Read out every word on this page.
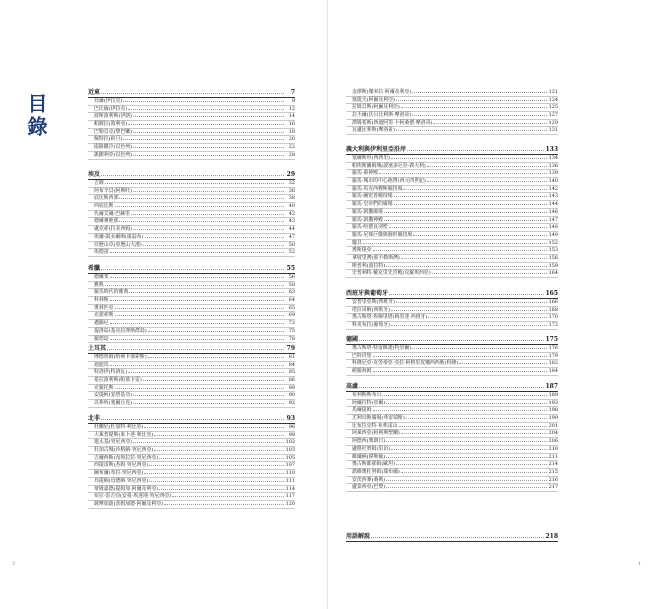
目錄
近東	7
烏爾(伊拉克)	9
巴比倫(伊拉克)	12
波斯波利斯(伊朗)	14
帕薩拉(敘利亞)	16
巴勒貝克(黎巴嫩)	18
佩特拉(約旦)	20
耶路撒冷(以色列)	22
凱撒利亞(以色列)	28
埃及	29
吉薩	32
阿布辛貝(阿斯旺)	36
底比斯西部	38
西底比斯	40
代爾艾爾-巴赫里	42
德爾麥地那	43
盧克索(拉美西姆)	44
埃爾-凱美爾斯(康翁布)	47
亞歷山卓(亞歷山大港)	50
埃德富	52
希臘	55
德爾斐	56
雅典	58
羅馬時代的雅典	63
科林斯	64
奧林匹亞	65
克諾索斯	69
邁錫尼	72
提洛島(基克拉澤斯群島)	75
羅德島	78
土耳其	79
博德魯姆(哈利卡那索斯)	81
迪迪馬	84
特洛伊(特洛瓦)	85
希拉波利斯(帕慕卡雷)	86
克羅托斯	89
安提阿(安塔基亞)	90
以弗所(塞爾丘克)	92
北非	93
杜蘭尼(杜加特·利比亞)	96
大萊普提斯(莱卜達·利比亞)	98
迦太基(突尼西亞)	102
杜加古城(沙格納·突尼西亞)	103
吉爾西斯(布魯拉拉·突尼西亞)	105
西提雷斯(杰姆·突尼西亞)	107
圖布爾(布拉·突尼西亞)	110
烏提納(烏德納·突尼西亞)	111
蒂姆嘉德(提姆加·阿爾及利亞)	114
布拉·雷吉亞(安曼·埃達地·突尼西亞)	117
薩摩加迪(茨姆加德·阿爾及利亞)	120
3
金澤斯(傑米拉·阿爾及利亞)	121
塞提夫(阿爾及利亞)	124
拉姆貝斯(阿爾及利亞)	125
拉丕爾(沃呂比利斯·摩洛哥)	127
澤姆希斯(西迪阿里·卜阿桑德·摩洛哥)	129
瓦盧比利斯(摩洛哥)	131
義大利與伊利里亞沿岸	133
塞爾斯坦(西西里)	134
帕埃斯圖姆城(波塞多尼亞·義大利)	136
羅馬·萬神殿	139
羅馬·城市的中心地帶(西元四世紀)	140
羅馬·馬克西穆斯競技場	142
羅馬·圖密善競技場	143
羅馬·皇帝們的廣場	144
羅馬·凱撒廣場	146
羅馬·凱撒神殿	147
羅馬·哈德良別墅	148
羅馬·尼祿巨像與圓形競技場	149
龐貝	152
奧斯提亞	153
拿坡里灣(那不勒斯灣)	156
斯普利(波拉特)	159
史普利特·戴克里先宮殿(克羅埃西亞)	164
西班牙與葡萄牙	165
安普里亞斯(西班牙)	166
塔拉哥納(西班牙)	168
奧古斯塔·埃梅里塔(梅里達·西班牙)	170
科英布拉(葡萄牙)	172
德國	175
奧古斯塔·特雷維諾(特里爾)	176
巴特洪堡	179
科隆尼亞·克勞蒂亞·亞拉·阿格里皮娜西西斯(科隆)	182
絕羅海姆	184
高盧	187
布利斯斯布呂	189
阿爾拉特(亞爾)	193
馬爾提姆	198
尤利烏斯廣場(弗雷瑞斯)	199
比布拉克特·布弗雷山	201
阿萊西亞(阿利斯聖蘭)	204
阿德西(奧朗日)	206
盧格杜努姆(里昂)	210
維爾納(偉斯倫)	211
奧古斯都那姆(歐坦)	214
諾維奧杜努姆(瑞布爾)	215
安茨西麥(桑斯)	216
盧泰西亞(巴黎)	217
用語解說	218
1
